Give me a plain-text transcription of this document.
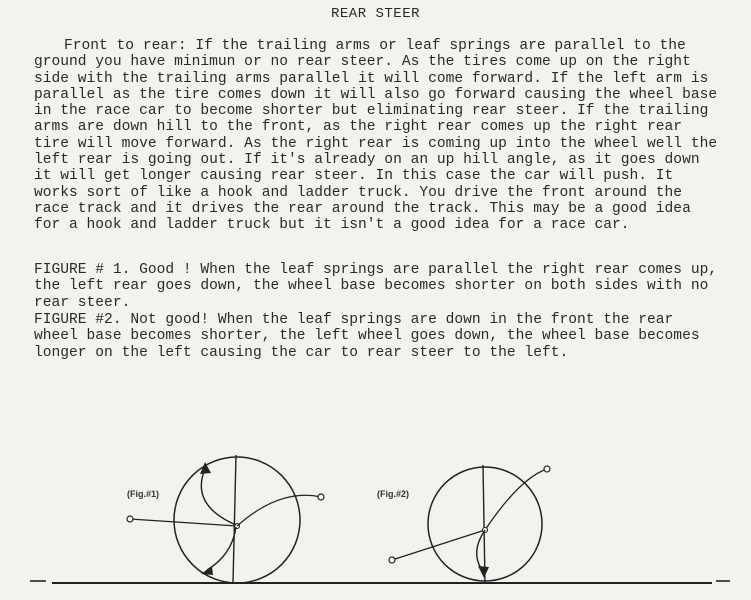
REAR STEER

Front to rear: If the trailing arms or leaf springs are parallel to the ground you have minimun or no rear steer. As the tires come up on the right side with the trailing arms parallel it will come forward. If the left arm is parallel as the tire comes down it will also go forward causing the wheel base in the race car to become shorter but eliminating rear steer. If the trailing arms are down hill to the front, as the right rear comes up the right rear tire will move forward. As the right rear is coming up into the wheel well the left rear is going out. If it's already on an up hill angle, as it goes down it will get longer causing rear steer. In this case the car will push. It works sort of like a hook and ladder truck. You drive the front around the race track and it drives the rear around the track. This may be a good idea for a hook and ladder truck but it isn't a good idea for a race car.

FIGURE # 1. Good ! When the leaf springs are parallel the right rear comes up, the left rear goes down, the wheel base becomes shorter on both sides with no rear steer.

FIGURE #2. Not good! When the leaf springs are down in the front the rear wheel base becomes shorter, the left wheel goes down, the wheel base becomes longer on the left causing the car to rear steer to the left.

(Fig.#1)	(Fig.#2)
